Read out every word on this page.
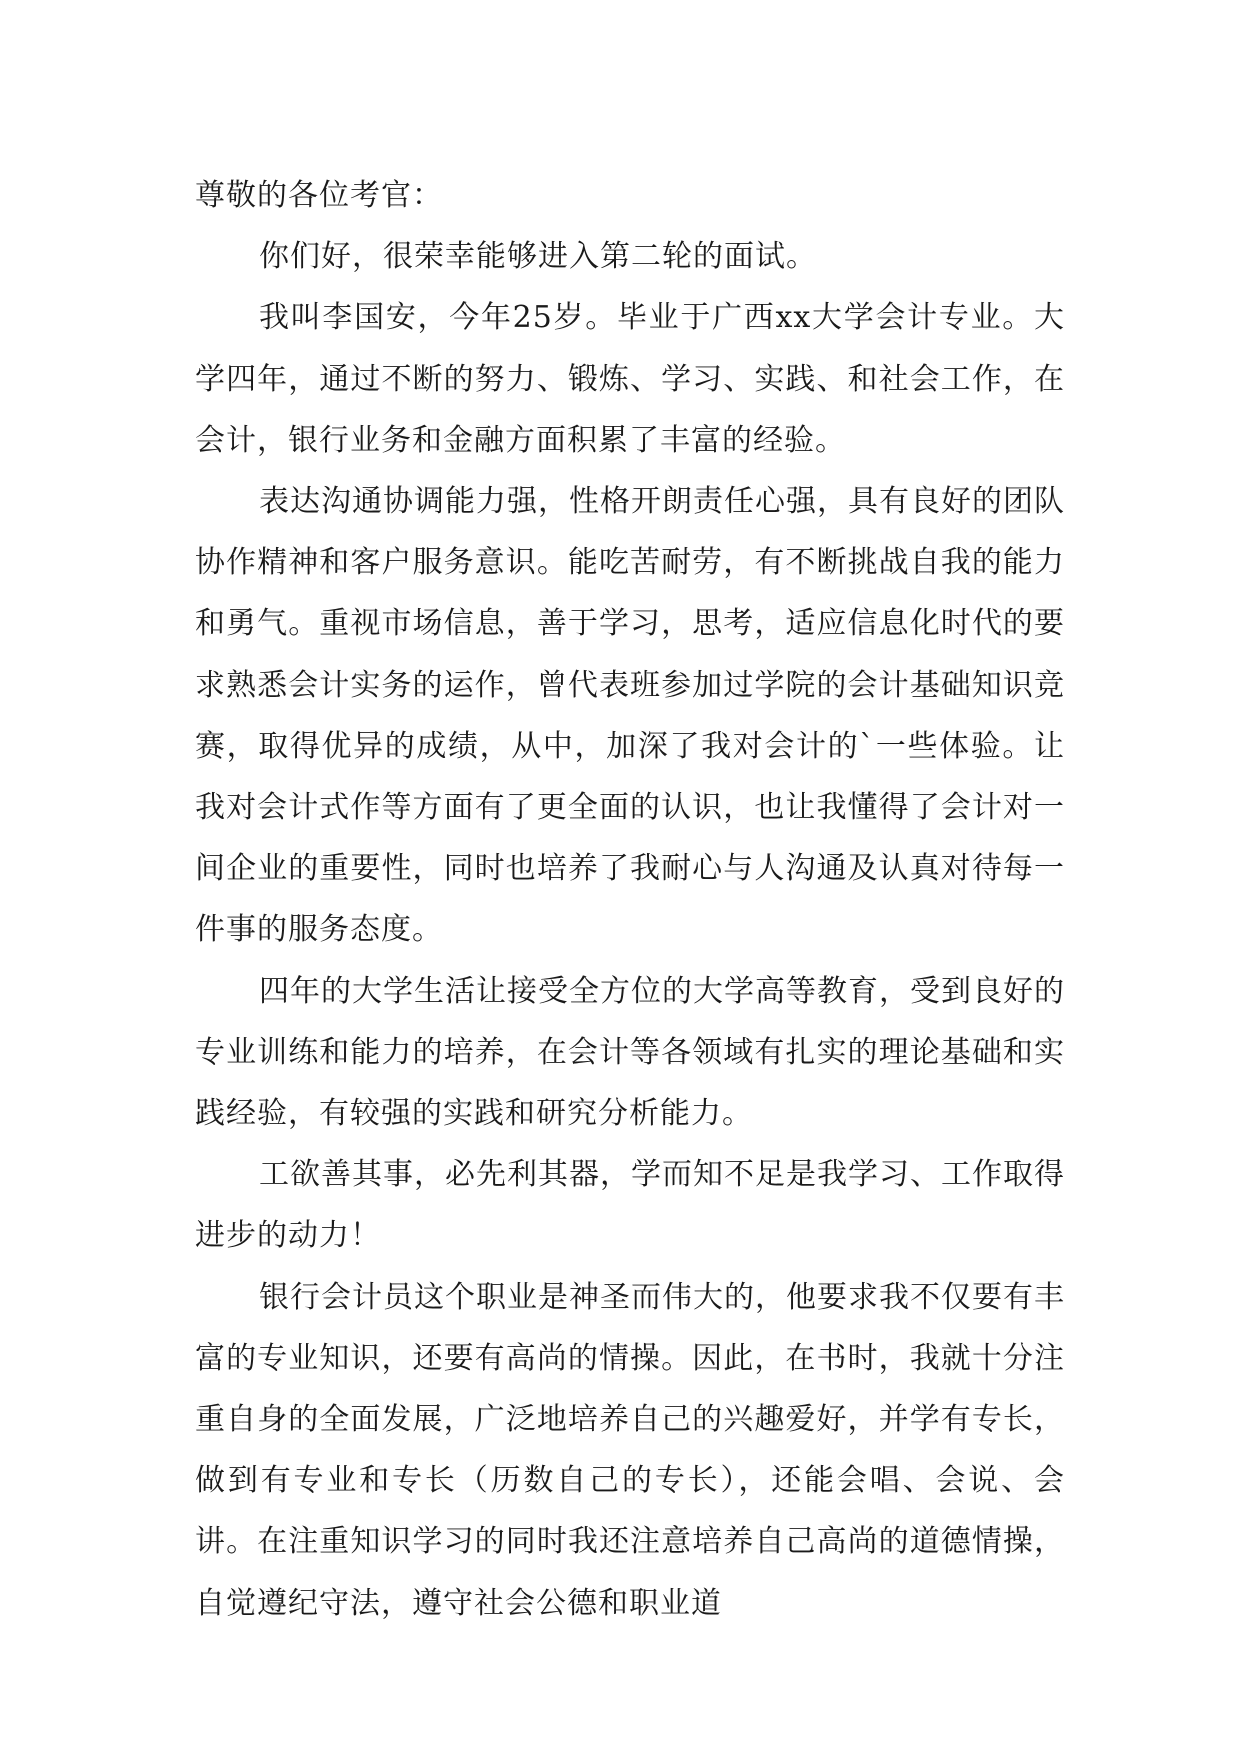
尊敬的各位考官：

你们好，很荣幸能够进入第二轮的面试。

我叫李国安，今年25岁。毕业于广西xx大学会计专业。大学四年，通过不断的努力、锻炼、学习、实践、和社会工作，在会计，银行业务和金融方面积累了丰富的经验。

表达沟通协调能力强，性格开朗责任心强，具有良好的团队协作精神和客户服务意识。能吃苦耐劳，有不断挑战自我的能力和勇气。重视市场信息，善于学习，思考，适应信息化时代的要求熟悉会计实务的运作，曾代表班参加过学院的会计基础知识竞赛，取得优异的成绩，从中，加深了我对会计的`一些体验。让我对会计式作等方面有了更全面的认识，也让我懂得了会计对一间企业的重要性，同时也培养了我耐心与人沟通及认真对待每一件事的服务态度。

四年的大学生活让接受全方位的大学高等教育，受到良好的专业训练和能力的培养，在会计等各领域有扎实的理论基础和实践经验，有较强的实践和研究分析能力。

工欲善其事，必先利其器，学而知不足是我学习、工作取得进步的动力！

银行会计员这个职业是神圣而伟大的，他要求我不仅要有丰富的专业知识，还要有高尚的情操。因此，在书时，我就十分注重自身的全面发展，广泛地培养自己的兴趣爱好，并学有专长，做到有专业和专长（历数自己的专长），还能会唱、会说、会讲。在注重知识学习的同时我还注意培养自己高尚的道德情操，自觉遵纪守法，遵守社会公德和职业道
